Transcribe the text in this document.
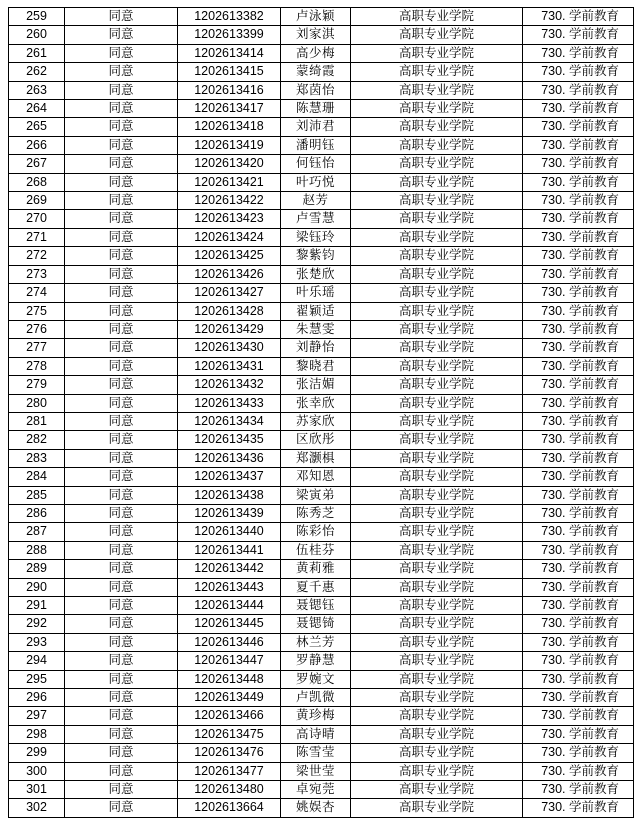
259	同意	1202613382	卢泳颖	高职专业学院	730. 学前教育
260	同意	1202613399	刘家淇	高职专业学院	730. 学前教育
261	同意	1202613414	高少梅	高职专业学院	730. 学前教育
262	同意	1202613415	蒙绮霞	高职专业学院	730. 学前教育
263	同意	1202613416	郑茵怡	高职专业学院	730. 学前教育
264	同意	1202613417	陈慧珊	高职专业学院	730. 学前教育
265	同意	1202613418	刘沛君	高职专业学院	730. 学前教育
266	同意	1202613419	潘明钰	高职专业学院	730. 学前教育
267	同意	1202613420	何钰怡	高职专业学院	730. 学前教育
268	同意	1202613421	叶巧悦	高职专业学院	730. 学前教育
269	同意	1202613422	赵芳	高职专业学院	730. 学前教育
270	同意	1202613423	卢雪慧	高职专业学院	730. 学前教育
271	同意	1202613424	梁钰玲	高职专业学院	730. 学前教育
272	同意	1202613425	黎紫钧	高职专业学院	730. 学前教育
273	同意	1202613426	张楚欣	高职专业学院	730. 学前教育
274	同意	1202613427	叶乐瑶	高职专业学院	730. 学前教育
275	同意	1202613428	翟颖适	高职专业学院	730. 学前教育
276	同意	1202613429	朱慧雯	高职专业学院	730. 学前教育
277	同意	1202613430	刘静怡	高职专业学院	730. 学前教育
278	同意	1202613431	黎晓君	高职专业学院	730. 学前教育
279	同意	1202613432	张洁媚	高职专业学院	730. 学前教育
280	同意	1202613433	张幸欣	高职专业学院	730. 学前教育
281	同意	1202613434	苏家欣	高职专业学院	730. 学前教育
282	同意	1202613435	区欣彤	高职专业学院	730. 学前教育
283	同意	1202613436	郑灏椇	高职专业学院	730. 学前教育
284	同意	1202613437	邓知恩	高职专业学院	730. 学前教育
285	同意	1202613438	梁寅弟	高职专业学院	730. 学前教育
286	同意	1202613439	陈秀芝	高职专业学院	730. 学前教育
287	同意	1202613440	陈彩怡	高职专业学院	730. 学前教育
288	同意	1202613441	伍桂芬	高职专业学院	730. 学前教育
289	同意	1202613442	黄莉雅	高职专业学院	730. 学前教育
290	同意	1202613443	夏千惠	高职专业学院	730. 学前教育
291	同意	1202613444	聂锶钰	高职专业学院	730. 学前教育
292	同意	1202613445	聂锶锜	高职专业学院	730. 学前教育
293	同意	1202613446	林兰芳	高职专业学院	730. 学前教育
294	同意	1202613447	罗静慧	高职专业学院	730. 学前教育
295	同意	1202613448	罗婉文	高职专业学院	730. 学前教育
296	同意	1202613449	卢凯微	高职专业学院	730. 学前教育
297	同意	1202613466	黄珍梅	高职专业学院	730. 学前教育
298	同意	1202613475	高诗晴	高职专业学院	730. 学前教育
299	同意	1202613476	陈雪莹	高职专业学院	730. 学前教育
300	同意	1202613477	梁世莹	高职专业学院	730. 学前教育
301	同意	1202613480	卓宛莞	高职专业学院	730. 学前教育
302	同意	1202613664	姚娱杏	高职专业学院	730. 学前教育
